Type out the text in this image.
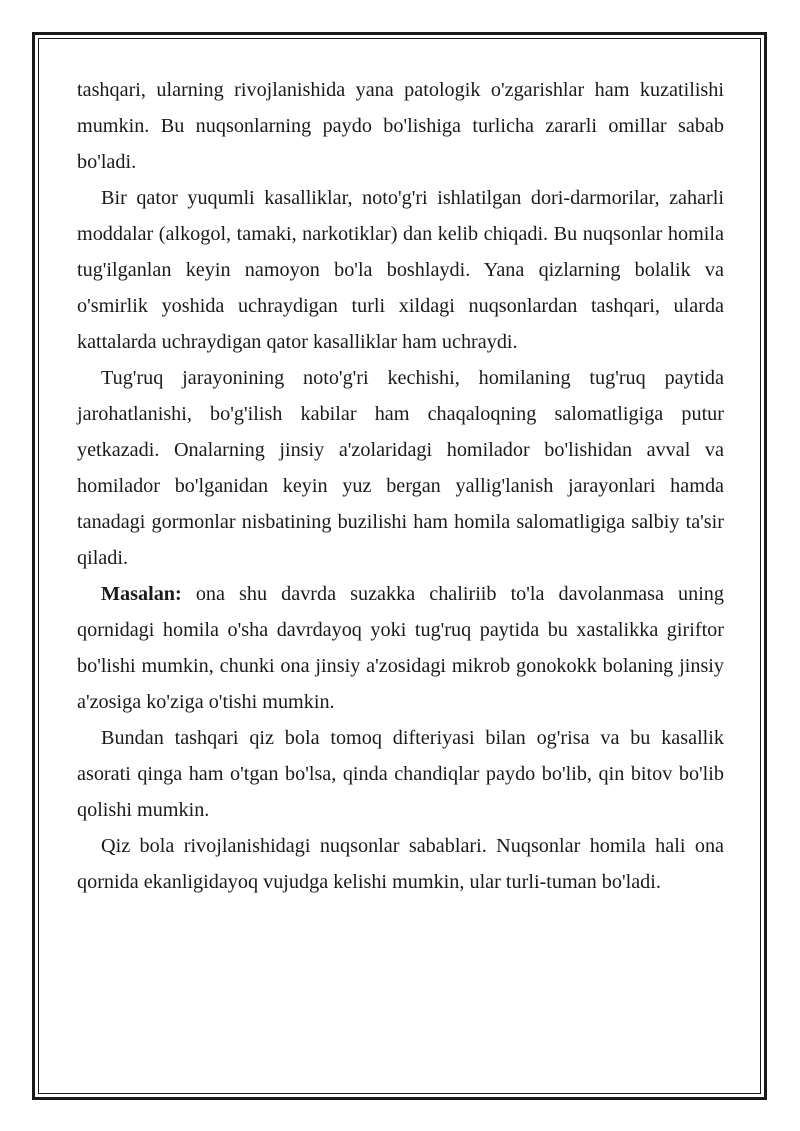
tashqari, ularning rivojlanishida yana patologik o'zgarishlar ham kuzatilishi mumkin. Bu nuqsonlarning paydo bo'lishiga turlicha zararli omillar sabab bo'ladi.

Bir qator yuqumli kasalliklar, noto'g'ri ishlatilgan dori-darmorilar, zaharli moddalar (alkogol, tamaki, narkotiklar) dan kelib chiqadi. Bu nuqsonlar homila tug'ilganlan keyin namoyon bo'la boshlaydi. Yana qizlarning bolalik va o'smirlik yoshida uchraydigan turli xildagi nuqsonlardan tashqari, ularda kattalarda uchraydigan qator kasalliklar ham uchraydi.

Tug'ruq jarayonining noto'g'ri kechishi, homilaning tug'ruq paytida jarohatlanishi, bo'g'ilish kabilar ham chaqaloqning salomatligiga putur yetkazadi. Onalarning jinsiy a'zolaridagi homilador bo'lishidan avval va homilador bo'lganidan keyin yuz bergan yallig'lanish jarayonlari hamda tanadagi gormonlar nisbatining buzilishi ham homila salomatligiga salbiy ta'sir qiladi.

Masalan: ona shu davrda suzakka chaliriib to'la davolanmasa uning qornidagi homila o'sha davrdayoq yoki tug'ruq paytida bu xastalikka giriftor bo'lishi mumkin, chunki ona jinsiy a'zosidagi mikrob gonokokk bolaning jinsiy a'zosiga ko'ziga o'tishi mumkin.

Bundan tashqari qiz bola tomoq difteriyasi bilan og'risa va bu kasallik asorati qinga ham o'tgan bo'lsa, qinda chandiqlar paydo bo'lib, qin bitov bo'lib qolishi mumkin.

Qiz bola rivojlanishidagi nuqsonlar sabablari. Nuqsonlar homila hali ona qornida ekanligidayoq vujudga kelishi mumkin, ular turli-tuman bo'ladi.
